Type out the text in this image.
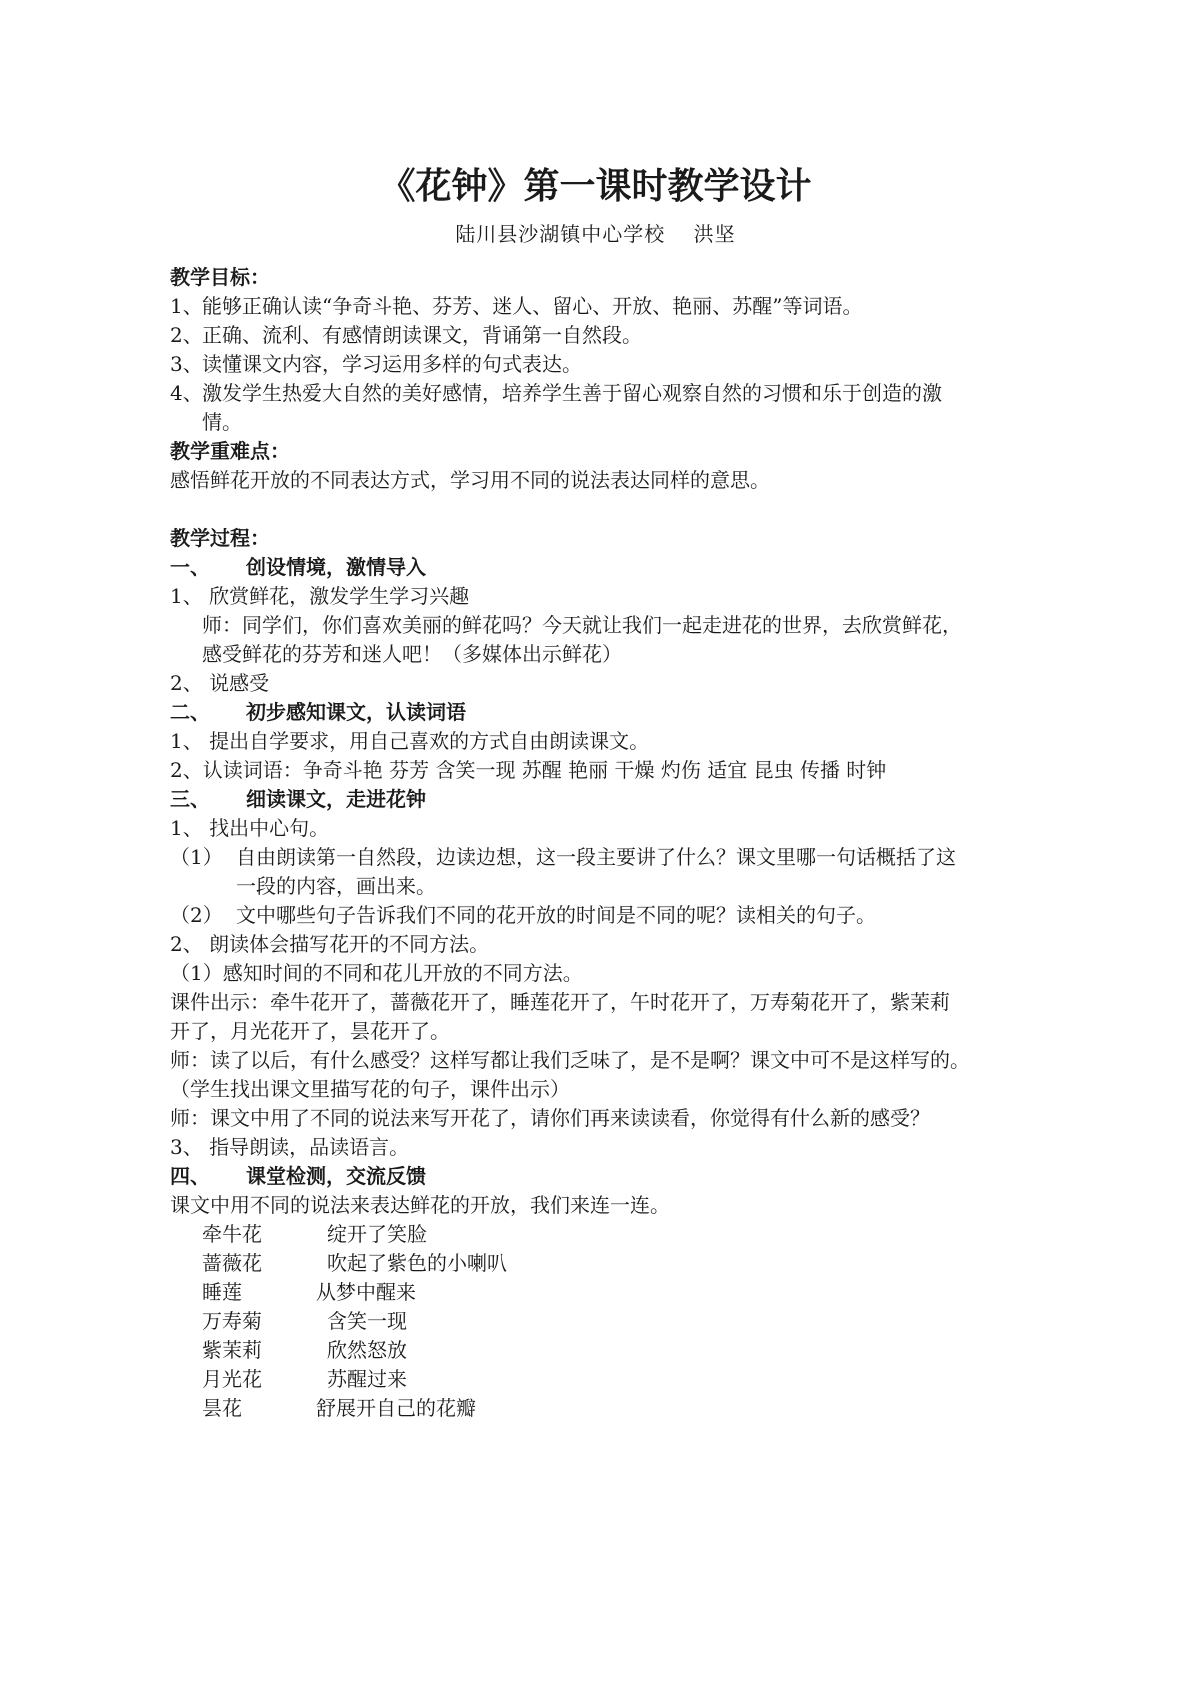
《花钟》第一课时教学设计
陆川县沙湖镇中心学校　 洪坚
教学目标：
1、能够正确认读“争奇斗艳、芬芳、迷人、留心、开放、艳丽、苏醒”等词语。
2、正确、流利、有感情朗读课文，背诵第一自然段。
3、读懂课文内容，学习运用多样的句式表达。
4、激发学生热爱大自然的美好感情，培养学生善于留心观察自然的习惯和乐于创造的激
情。
教学重难点：
感悟鲜花开放的不同表达方式，学习用不同的说法表达同样的意思。
教学过程：
一、 创设情境，激情导入
1、 欣赏鲜花，激发学生学习兴趣
师：同学们，你们喜欢美丽的鲜花吗？今天就让我们一起走进花的世界，去欣赏鲜花，
感受鲜花的芬芳和迷人吧！（多媒体出示鲜花）
2、 说感受
二、 初步感知课文，认读词语
1、 提出自学要求，用自己喜欢的方式自由朗读课文。
2、认读词语：争奇斗艳 芬芳 含笑一现 苏醒 艳丽 干燥 灼伤 适宜 昆虫 传播 时钟
三、 细读课文，走进花钟
1、 找出中心句。
（1） 自由朗读第一自然段，边读边想，这一段主要讲了什么？课文里哪一句话概括了这
一段的内容，画出来。
（2） 文中哪些句子告诉我们不同的花开放的时间是不同的呢？读相关的句子。
2、 朗读体会描写花开的不同方法。
（1）感知时间的不同和花儿开放的不同方法。
课件出示：牵牛花开了，蔷薇花开了，睡莲花开了，午时花开了，万寿菊花开了，紫茉莉
开了，月光花开了，昙花开了。
师：读了以后，有什么感受？这样写都让我们乏味了，是不是啊？课文中可不是这样写的。
（学生找出课文里描写花的句子，课件出示）
师：课文中用了不同的说法来写开花了，请你们再来读读看，你觉得有什么新的感受？
3、 指导朗读，品读语言。
四、 课堂检测，交流反馈
课文中用不同的说法来表达鲜花的开放，我们来连一连。
牵牛花	绽开了笑脸
蔷薇花	吹起了紫色的小喇叭
睡莲	从梦中醒来
万寿菊	含笑一现
紫茉莉	欣然怒放
月光花	苏醒过来
昙花	舒展开自己的花瓣
